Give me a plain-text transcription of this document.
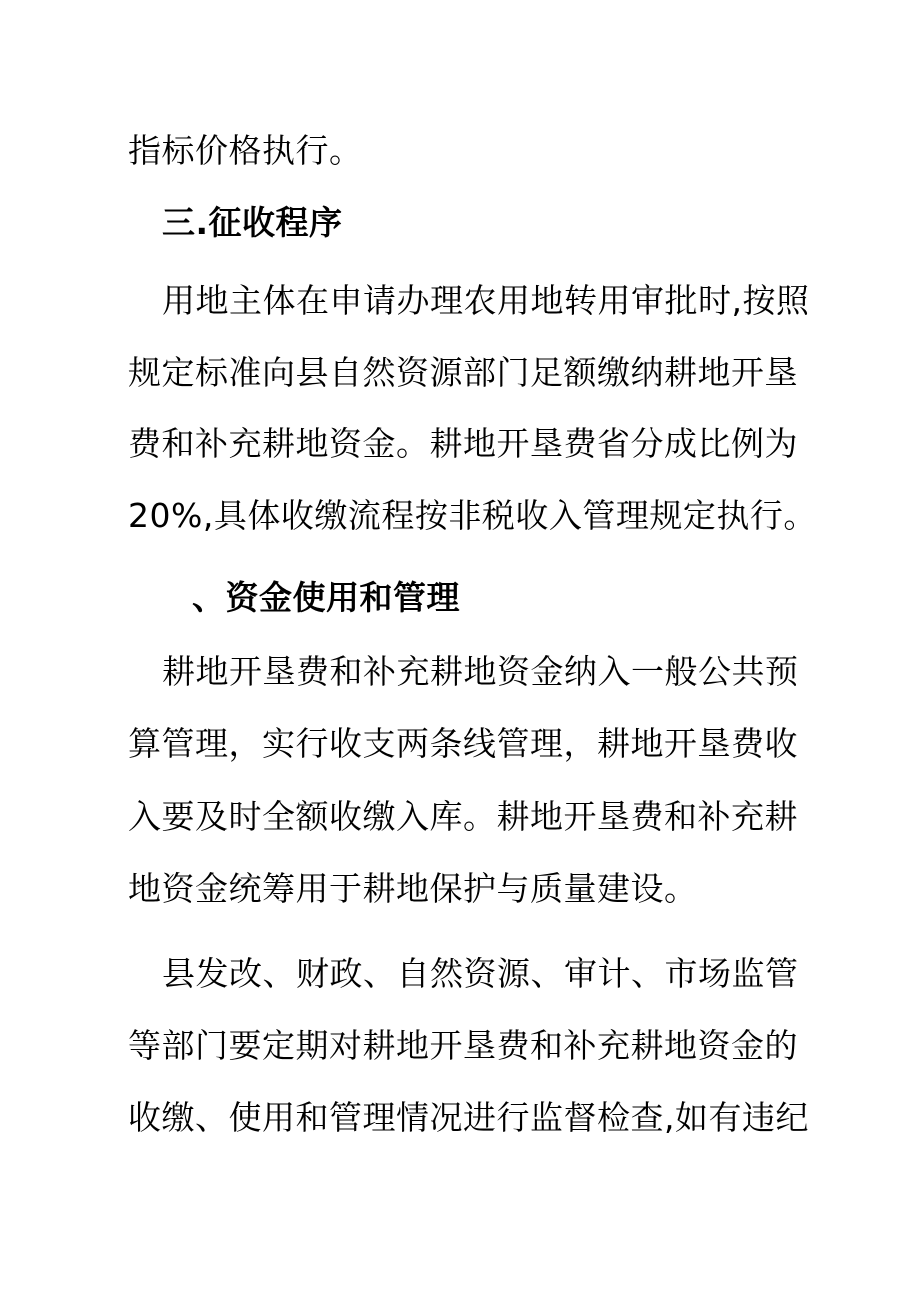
指标价格执行。
三.征收程序
用地主体在申请办理农用地转用审批时,按照
规定标准向县自然资源部门足额缴纳耕地开垦
费和补充耕地资金。耕地开垦费省分成比例为
20%,具体收缴流程按非税收入管理规定执行。
、资金使用和管理
耕地开垦费和补充耕地资金纳入一般公共预
算管理，实行收支两条线管理，耕地开垦费收
入要及时全额收缴入库。耕地开垦费和补充耕
地资金统筹用于耕地保护与质量建设。
县发改、财政、自然资源、审计、市场监管
等部门要定期对耕地开垦费和补充耕地资金的
收缴、使用和管理情况进行监督检查,如有违纪
